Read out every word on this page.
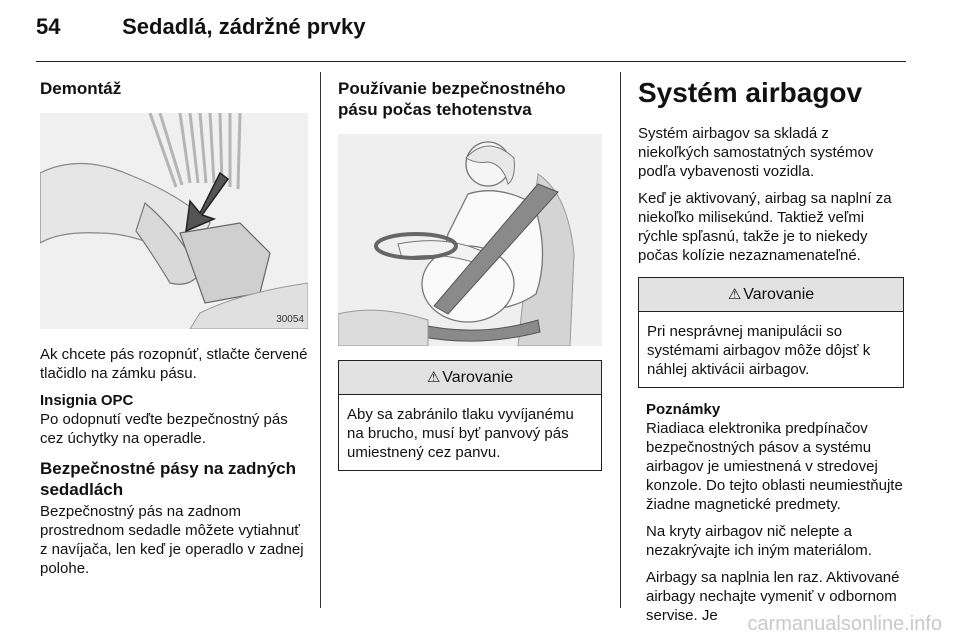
54	Sedadlá, zádržné prvky
Demontáž
30054

Ak chcete pás rozopnúť, stlačte červené tlačidlo na zámku pásu.

Insignia OPC

Po odopnutí veďte bezpečnostný pás cez úchytky na operadle.

Bezpečnostné pásy na zadných sedadlách

Bezpečnostný pás na zadnom prostrednom sedadle môžete vytiahnuť z navíjača, len keď je operadlo v zadnej polohe.

Používanie bezpečnostného pásu počas tehotenstva
⚠ Varovanie
Aby sa zabránilo tlaku vyvíjanému na brucho, musí byť panvový pás umiestnený cez panvu.
Systém airbagov

Systém airbagov sa skladá z niekoľkých samostatných systémov podľa vybavenosti vozidla.

Keď je aktivovaný, airbag sa naplní za niekoľko milisekúnd. Taktiež veľmi rýchle spľasnú, takže je to niekedy počas kolízie nezaznamenateľné.

⚠ Varovanie
Pri nesprávnej manipulácii so systémami airbagov môže dôjsť k náhlej aktivácii airbagov.

Poznámky

Riadiaca elektronika predpínačov bezpečnostných pásov a systému airbagov je umiestnená v stredovej konzole. Do tejto oblasti neumiestňujte žiadne magnetické predmety.

Na kryty airbagov nič nelepte a nezakrývajte ich iným materiálom.

Airbagy sa naplnia len raz. Aktivované airbagy nechajte vymeniť v odbornom servise. Je	carmanualsonline.info
